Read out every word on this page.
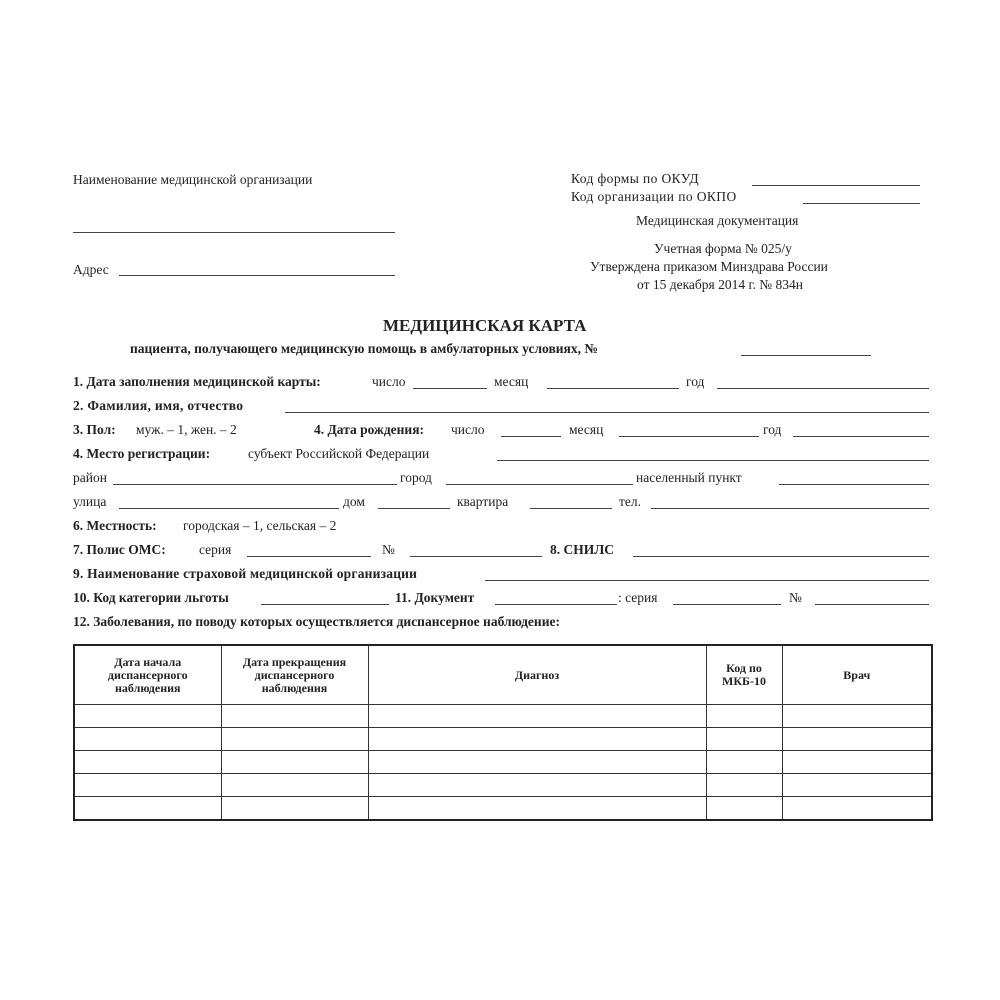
Наименование медицинской организации
Адрес
Код формы по ОКУД
Код организации по ОКПО
Медицинская документация
Учетная форма № 025/у
Утверждена приказом Минздрава России
от 15 декабря 2014 г. № 834н
МЕДИЦИНСКАЯ КАРТА
пациента, получающего медицинскую помощь в амбулаторных условиях, №
1. Дата заполнения медицинской карты:	число	месяц	год
2. Фамилия, имя, отчество
3. Пол: муж. – 1, жен. – 2	4. Дата рождения: число	месяц	год
4. Место регистрации:	субъект Российской Федерации
район	город	населенный пункт
улица	дом	квартира	тел.
6. Местность: городская – 1, сельская – 2
7. Полис ОМС: серия	№	8. СНИЛС
9. Наименование страховой медицинской организации
10. Код категории льготы	11. Документ	: серия	№
12. Заболевания, по поводу которых осуществляется диспансерное наблюдение:
Дата начала диспансерного наблюдения	Дата прекращения диспансерного наблюдения	Диагноз	Код по МКБ-10	Врач
